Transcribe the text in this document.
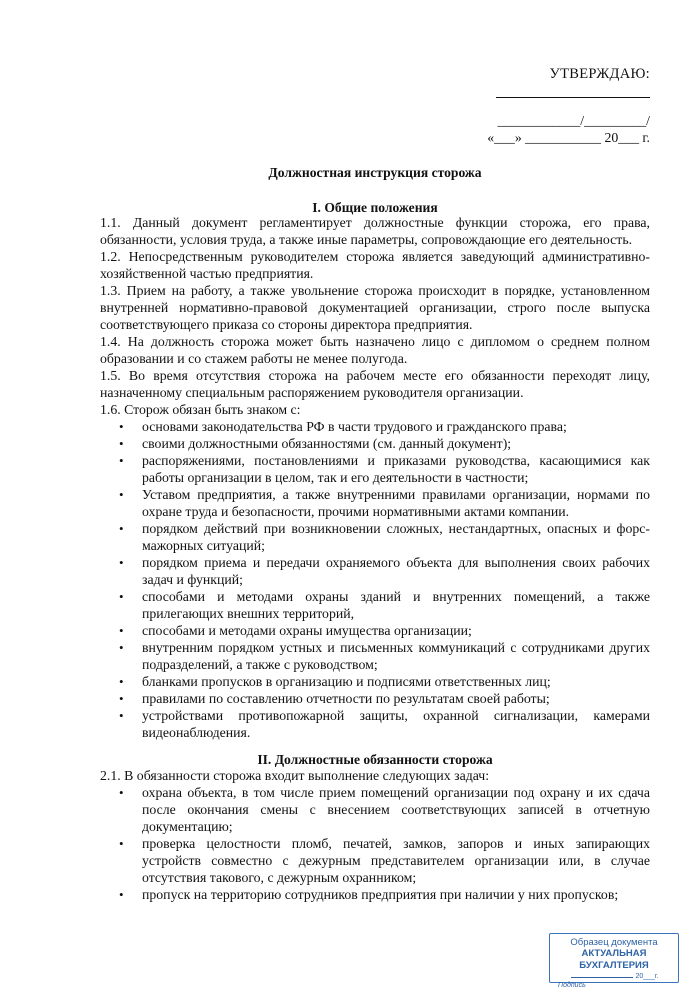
УТВЕРЖДАЮ:
____________/_________/
«___» ___________ 20___ г.
Должностная инструкция сторожа
I. Общие положения

1.1. Данный документ регламентирует должностные функции сторожа, его права, обязанности, условия труда, а также иные параметры, сопровождающие его деятельность.

1.2. Непосредственным руководителем сторожа является заведующий административно-хозяйственной частью предприятия.

1.3. Прием на работу, а также увольнение сторожа происходит в порядке, установленном внутренней нормативно-правовой документацией организации, строго после выпуска соответствующего приказа со стороны директора предприятия.

1.4. На должность сторожа может быть назначено лицо с дипломом о среднем полном образовании и со стажем работы не менее полугода.

1.5. Во время отсутствия сторожа на рабочем месте его обязанности переходят лицу, назначенному специальным распоряжением руководителя организации.

1.6. Сторож обязан быть знаком с:

• основами законодательства РФ в части трудового и гражданского права;
• своими должностными обязанностями (см. данный документ);
• распоряжениями, постановлениями и приказами руководства, касающимися как работы организации в целом, так и его деятельности в частности;
• Уставом предприятия, а также внутренними правилами организации, нормами по охране труда и безопасности, прочими нормативными актами компании.
• порядком действий при возникновении сложных, нестандартных, опасных и форс-мажорных ситуаций;
• порядком приема и передачи охраняемого объекта для выполнения своих рабочих задач и функций;
• способами и методами охраны зданий и внутренних помещений, а также прилегающих внешних территорий,
• способами и методами охраны имущества организации;
• внутренним порядком устных и письменных коммуникаций с сотрудниками других подразделений, а также с руководством;
• бланками пропусков в организацию и подписями ответственных лиц;
• правилами по составлению отчетности по результатам своей работы;
• устройствами противопожарной защиты, охранной сигнализации, камерами видеонаблюдения.
II. Должностные обязанности сторожа

2.1. В обязанности сторожа входит выполнение следующих задач:

• охрана объекта, в том числе прием помещений организации под охрану и их сдача после окончания смены с внесением соответствующих записей в отчетную документацию;
• проверка целостности пломб, печатей, замков, запоров и иных запирающих устройств совместно с дежурным представителем организации или, в случае отсутствия такового, с дежурным охранником;
• пропуск на территорию сотрудников предприятия при наличии у них пропусков;
Образец документа
АКТУАЛЬНАЯ БУХГАЛТЕРИЯ
20___г.
Подпись
